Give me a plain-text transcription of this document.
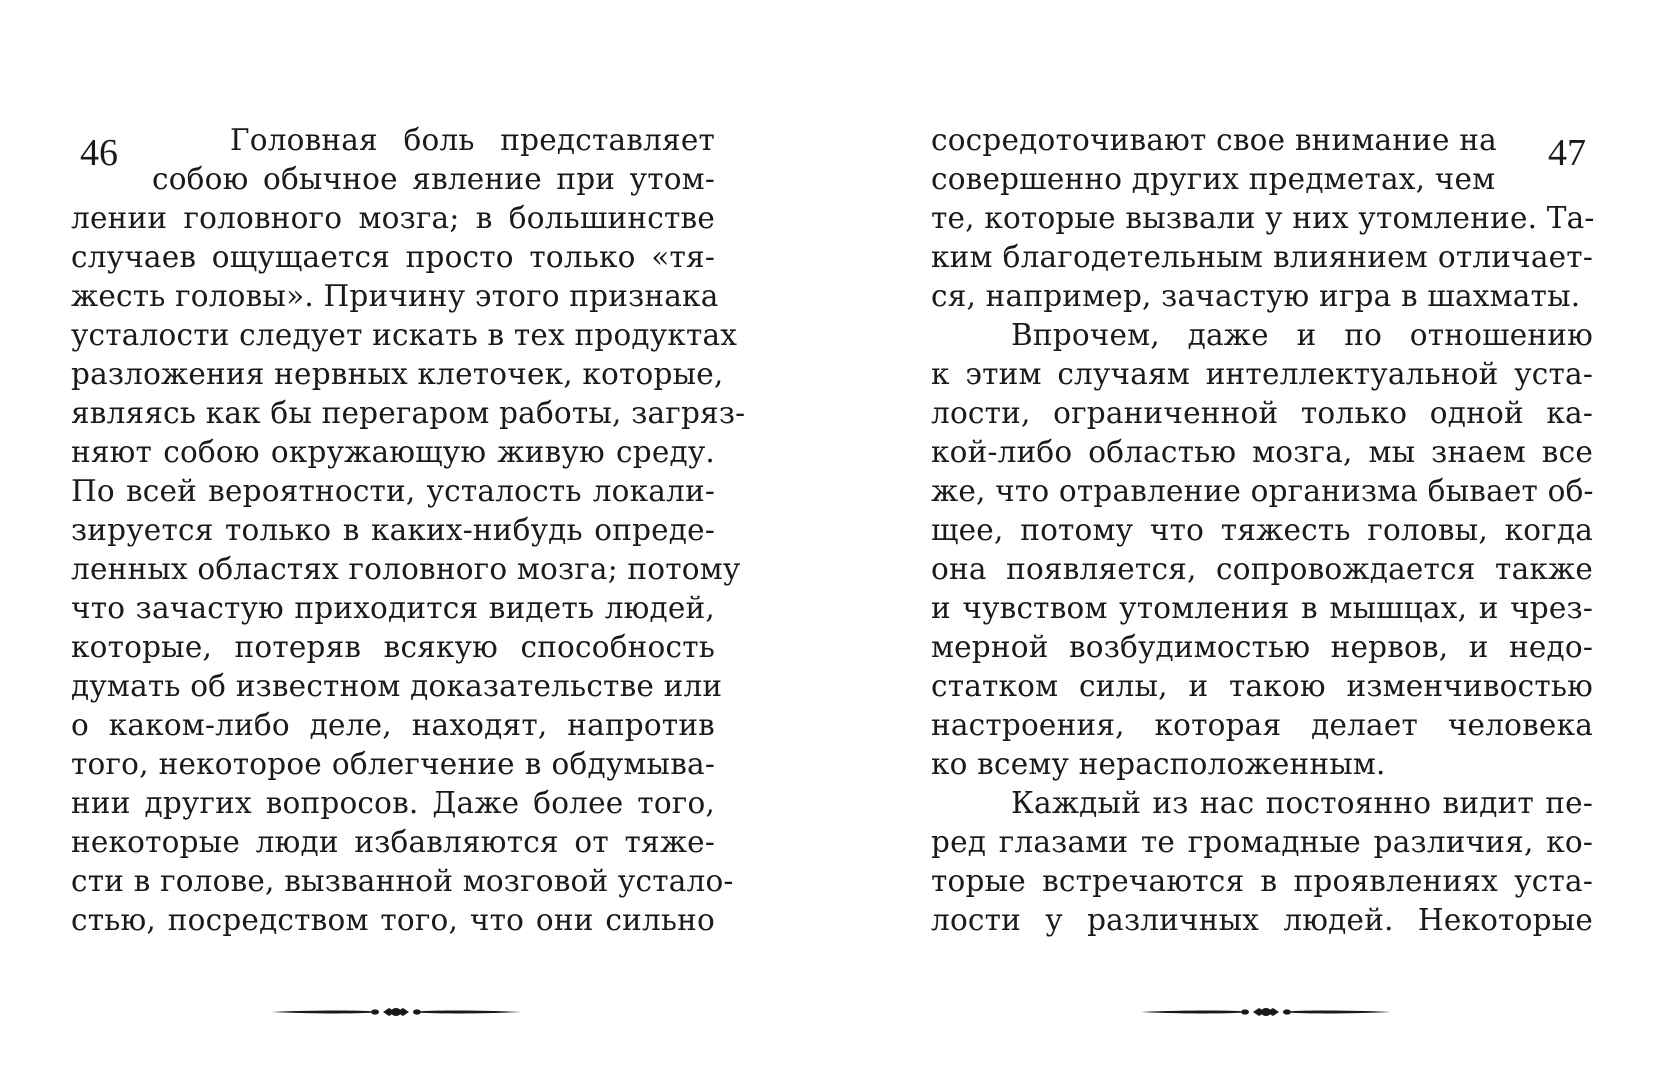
46	Головная боль представляет
собою обычное явление при утом-
лении головного мозга; в большинстве
случаев ощущается просто только «тя-
жесть головы». Причину этого признака
усталости следует искать в тех продуктах
разложения нервных клеточек, которые,
являясь как бы перегаром работы, загряз-
няют собою окружающую живую среду.
По всей вероятности, усталость локали-
зируется только в каких-нибудь опреде-
ленных областях головного мозга; потому
что зачастую приходится видеть людей,
которые, потеряв всякую способность
думать об известном доказательстве или
о каком-либо деле, находят, напротив
того, некоторое облегчение в обдумыва-
нии других вопросов. Даже более того,
некоторые люди избавляются от тяже-
сти в голове, вызванной мозговой устало-
стью, посредством того, что они сильно
47
сосредоточивают свое внимание на
совершенно других предметах, чем
те, которые вызвали у них утомление. Та-
ким благодетельным влиянием отличает-
ся, например, зачастую игра в шахматы.
Впрочем, даже и по отношению
к этим случаям интеллектуальной уста-
лости, ограниченной только одной ка-
кой-либо областью мозга, мы знаем все
же, что отравление организма бывает об-
щее, потому что тяжесть головы, когда
она появляется, сопровождается также
и чувством утомления в мышцах, и чрез-
мерной возбудимостью нервов, и недо-
статком силы, и такою изменчивостью
настроения, которая делает человека
ко всему нерасположенным.
Каждый из нас постоянно видит пе-
ред глазами те громадные различия, ко-
торые встречаются в проявлениях уста-
лости у различных людей. Некоторые
